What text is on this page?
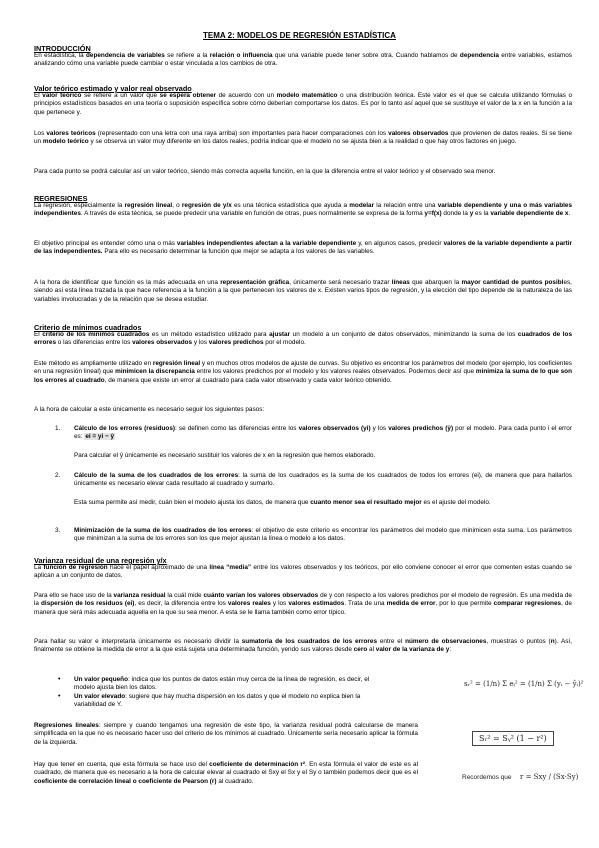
TEMA 2: MODELOS DE REGRESIÓN ESTADÍSTICA
INTRODUCCIÓN
En estadística, la dependencia de variables se refiere a la relación o influencia que una variable puede tener sobre otra. Cuando hablamos de dependencia entre variables, estamos analizando cómo una variable puede cambiar o estar vinculada a los cambios de otra.
Valor teórico estimado y valor real observado
El valor teórico se refiere a un valor que se espera obtener de acuerdo con un modelo matemático o una distribución teórica. Este valor es el que se calcula utilizando fórmulas o principios estadísticos basados en una teoría o suposición específica sobre cómo deberían comportarse los datos. Es por lo tanto así aquel que se sustituye el valor de la x en la función a la que pertenece y.
Los valores teóricos (representado con una letra con una raya arriba) son importantes para hacer comparaciones con los valores observados que provienen de datos reales. Si se tiene un modelo teórico y se observa un valor muy diferente en los datos reales, podría indicar que el modelo no se ajusta bien a la realidad o que hay otros factores en juego.
Para cada punto se podrá calcular así un valor teórico, siendo más correcta aquella función, en la que la diferencia entre el valor teórico y el observado sea menor.
REGRESIONES
La regresión, especialmente la regresión lineal, o regresión de y/x es una técnica estadística que ayuda a modelar la relación entre una variable dependiente y una o más variables independientes. A través de esta técnica, se puede predecir una variable en función de otras, pues normalmente se expresa de la forma y=f(x) donde la y es la variable dependiente de x.
El objetivo principal es entender cómo una o más variables independientes afectan a la variable dependiente y, en algunos casos, predecir valores de la variable dependiente a partir de las independientes. Para ello es necesario determinar la función que mejor se adapta a los valores de las variables.
A la hora de identificar que función es la más adecuada en una representación gráfica, únicamente será necesario trazar líneas que abarquen la mayor cantidad de puntos posibles, siendo así esta línea trazada la que hace referencia a la función a la que pertenecen los valores de x. Existen varios tipos de regresión, y la elección del tipo depende de la naturaleza de las variables involucradas y de la relación que se desea estudiar.
Criterio de mínimos cuadrados
El criterio de los mínimos cuadrados es un método estadístico utilizado para ajustar un modelo a un conjunto de datos observados, minimizando la suma de los cuadrados de los errores o las diferencias entre los valores observados y los valores predichos por el modelo.
Este método es ampliamente utilizado en regresión lineal y en muchos otros modelos de ajuste de curvas. Su objetivo es encontrar los parámetros del modelo (por ejemplo, los coeficientes en una regresión lineal) que minimicen la discrepancia entre los valores predichos por el modelo y los valores reales observados. Podemos decir así que minimiza la suma de lo que son los errores al cuadrado, de manera que existe un error al cuadrado para cada valor observado y cada valor teórico obtenido.
A la hora de calcular a este únicamente es necesario seguir los siguientes pasos:
1. Cálculo de los errores (residuos): se definen como las diferencias entre los valores observados (yi) y los valores predichos (ŷ) por el modelo. Para cada punto i el error es: ei = yi − ŷ
Para calcular el ŷ únicamente es necesario sustituir los valores de x en la regresión que hemos elaborado.
2. Cálculo de la suma de los cuadrados de los errores: la suma de los cuadrados es la suma de los cuadrados de todos los errores (ei), de manera que para hallarlos únicamente es necesario elevar cada resultado al cuadrado y sumarlo.
Esta suma permite así medir, cuán bien el modelo ajusta los datos, de manera que cuanto menor sea el resultado mejor es el ajuste del modelo.
3. Minimización de la suma de los cuadrados de los errores: el objetivo de este criterio es encontrar los parámetros del modelo que minimicen esta suma. Los parámetros que minimizan a la suma de los errores son los que mejor ajustan la línea o modelo a los datos.
Varianza residual de una regresión y/x
La función de regresión hace el papel aproximado de una línea “media” entre los valores observados y los teóricos, por ello conviene conocer el error que comenten estas cuando se aplican a un conjunto de datos.
Para ello se hace uso de la varianza residual la cuál mide cuánto varían los valores observados de y con respecto a los valores predichos por el modelo de regresión. Es una medida de la dispersión de los residuos (ei), es decir, la diferencia entre los valores reales y los valores estimados. Trata de una medida de error, por lo que permite comparar regresiones, de manera que será más adecuada aquella en la que su sea menor. A esta se le llama también como error típico.
Para hallar su valor e interpretarla únicamente es necesario dividir la sumatoria de los cuadrados de los errores entre el número de observaciones, muestras o puntos (n). Así, finalmente se obtiene la medida de error a la que está sujeta una determinada función, yendo sus valores desde cero al valor de la varianza de y:
• Un valor pequeño: indica que los puntos de datos están muy cerca de la línea de regresión, es decir, el modelo ajusta bien los datos.
• Un valor elevado: sugiere que hay mucha dispersión en los datos y que el modelo no explica bien la variabilidad de Y.
sᵣ² = (1/n) Σ eᵢ² = (1/n) Σ (yᵢ − ŷᵢ)²
Regresiones lineales: siempre y cuando tengamos una regresión de este tipo, la varianza residual podrá calcularse de manera simplificada en la que no es necesario hacer uso del criterio de los mínimos al cuadrado. Únicamente sería necesario aplicar la fórmula de la izquierda.	Sᵣ² = Sᵧ² (1 − r²)
Hay que tener en cuenta, que esta fórmula se hace uso del coeficiente de determinación r². En esta fórmula el valor de este es al cuadrado, de manera que es necesario a la hora de calcular elevar al cuadrado el Sxy el Sx y el Sy o también podemos decir que es el coeficiente de correlación lineal o coeficiente de Pearson (r) al cuadrado.	Recordemos que r = Sxy / (Sx·Sy)
